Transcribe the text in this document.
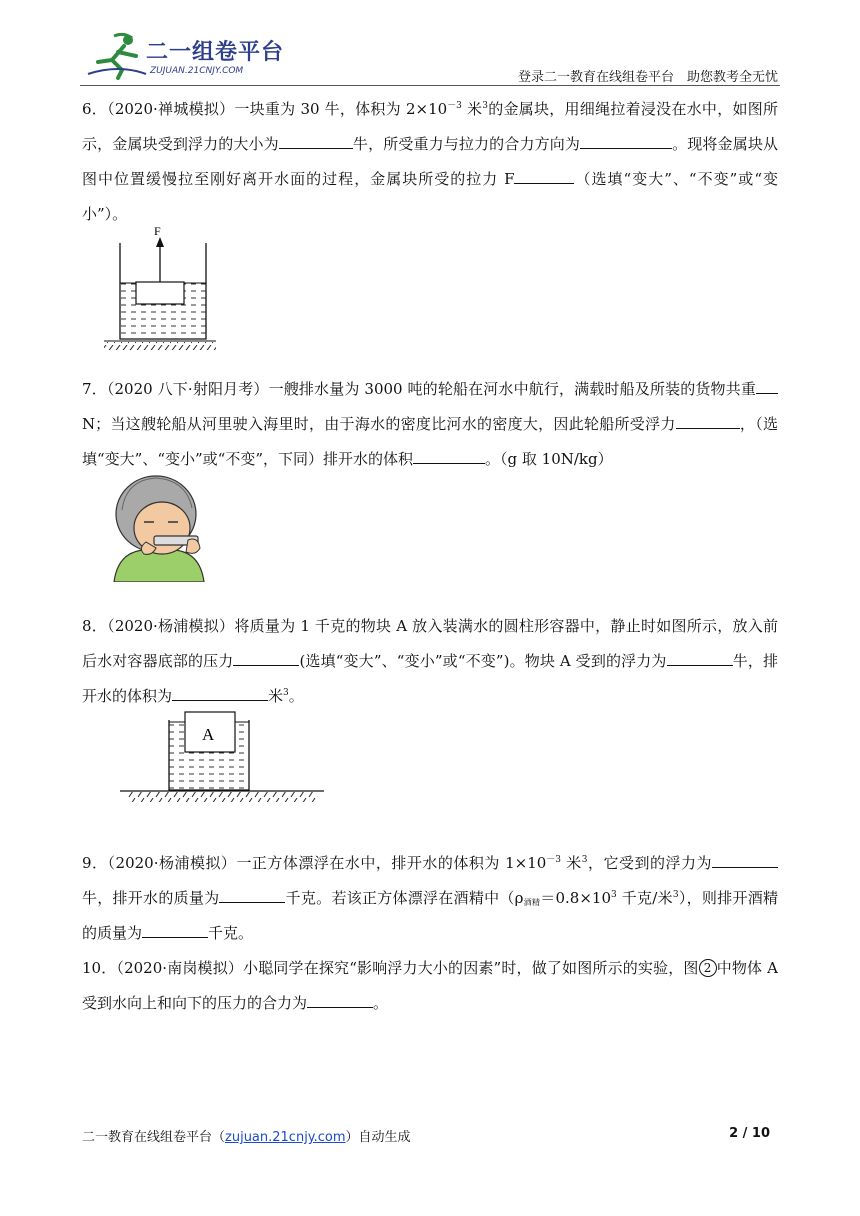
二一组卷平台
ZUJUAN.21CNJY.COM	登录二一教育在线组卷平台　助您教考全无忧

6．（2020·禅城模拟）一块重为 30 牛，体积为 $2\times 10^{-3}$ 米$^3$的金属块，用细绳拉着浸没在水中，如图所示，金属块受到浮力的大小为	牛，所受重力与拉力的合力方向为	。现将金属块从图中位置缓慢拉至刚好离开水面的过程，金属块所受的拉力 F	（选填“变大”、“不变”或“变小”）。

7．（2020 八下·射阳月考）一艘排水量为 3000 吨的轮船在河水中航行，满载时船及所装的货物共重N；当这艘轮船从河里驶入海里时，由于海水的密度比河水的密度大，因此轮船所受浮力	，（选填“变大”、“变小”或“不变”，下同）排开水的体积	。（g 取 10N/kg）

8．（2020·杨浦模拟）将质量为 1 千克的物块 A 放入装满水的圆柱形容器中，静止时如图所示，放入前后水对容器底部的压力	(选填“变大”、“变小”或“不变”)。物块 A 受到的浮力为	牛，排开水的体积为	米$^3$。

9．（2020·杨浦模拟）一正方体漂浮在水中，排开水的体积为 $1\times 10^{-3}$ 米$^3$，它受到的浮力为牛，排开水的质量为	千克。若该正方体漂浮在酒精中（$\rho_{酒精}=0.8\times 10^3$ 千克/米$^3$），则排开酒精的质量为	千克。

10．（2020·南岗模拟）小聪同学在探究“影响浮力大小的因素”时，做了如图所示的实验，图 2 中物体 A 受到水向上和向下的压力的合力为	。

F
A
二一教育在线组卷平台（zujuan.21cnjy.com）自动生成	2 / 10
